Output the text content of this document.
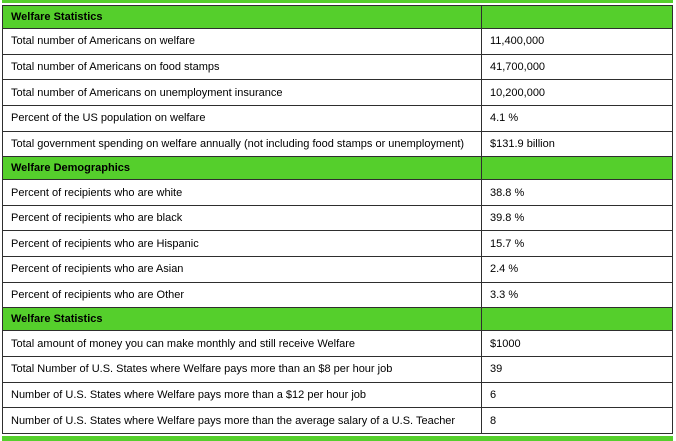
Welfare Statistics
Total number of Americans on welfare	11,400,000
Total number of Americans on food stamps	41,700,000
Total number of Americans on unemployment insurance	10,200,000
Percent of the US population on welfare	4.1 %
Total government spending on welfare annually (not including food stamps or unemployment)	$131.9 billion
Welfare Demographics
Percent of recipients who are white	38.8 %
Percent of recipients who are black	39.8 %
Percent of recipients who are Hispanic	15.7 %
Percent of recipients who are Asian	2.4 %
Percent of recipients who are Other	3.3 %
Welfare Statistics
Total amount of money you can make monthly and still receive Welfare	$1000
Total Number of U.S. States where Welfare pays more than an $8 per hour job	39
Number of U.S. States where Welfare pays more than a $12 per hour job	6
Number of U.S. States where Welfare pays more than the average salary of a U.S. Teacher	8
